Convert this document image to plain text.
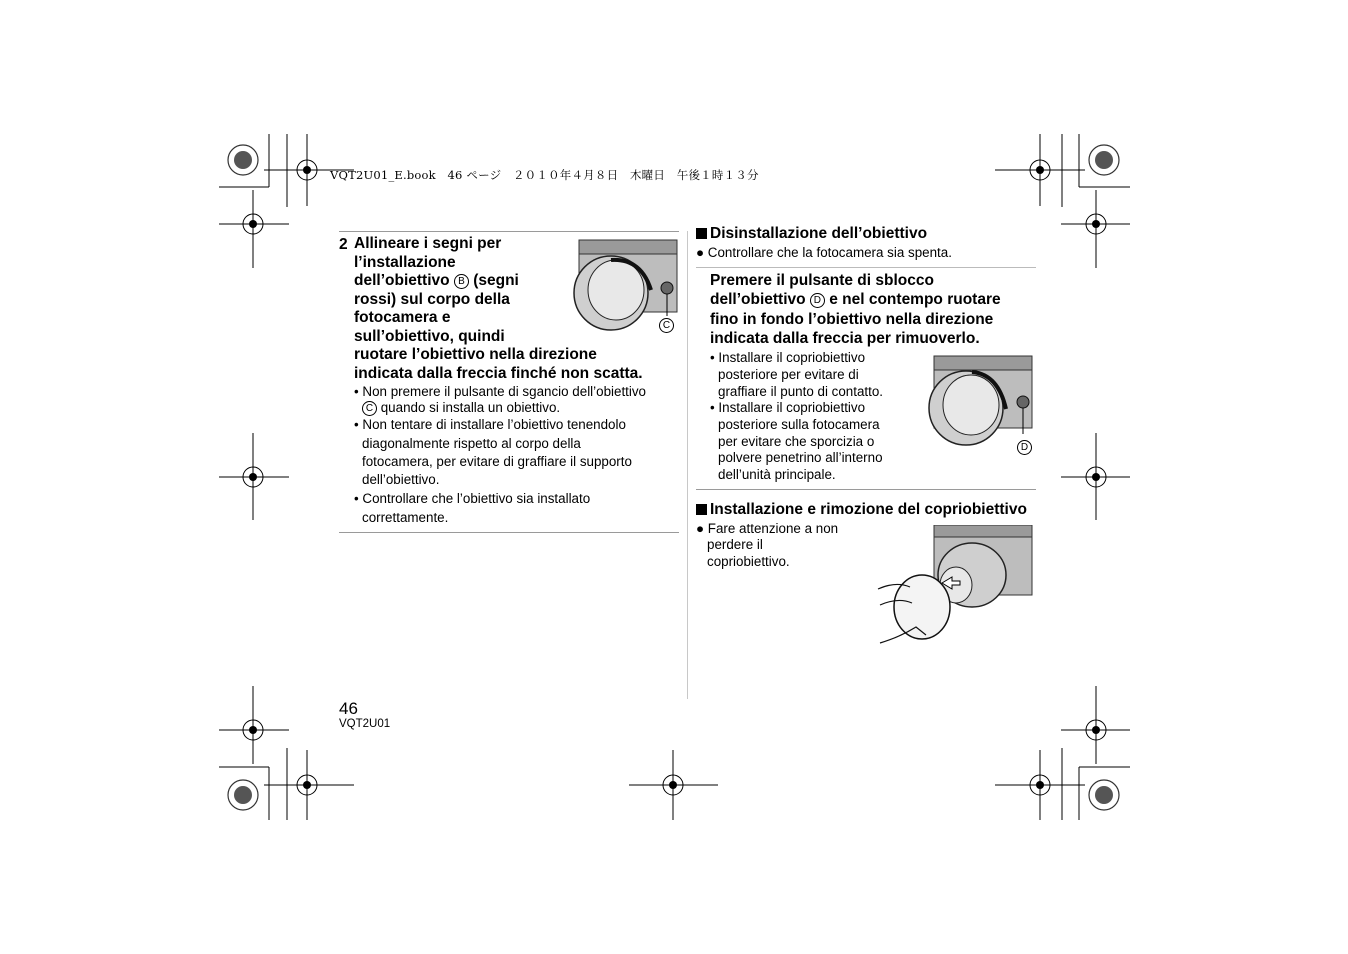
VQT2U01_E.book　46 ページ　２０１０年４月８日　木曜日　午後１時１３分
2 Allineare i segni per
l’installazione
dell’obiettivo B (segni
rossi) sul corpo della
fotocamera e
sull’obiettivo, quindi
ruotare l’obiettivo nella direzione
indicata dalla freccia finché non scatta.
C
• Non premere il pulsante di sgancio dell’obiettivo
C quando si installa un obiettivo.
• Non tentare di installare l’obiettivo tenendolo
diagonalmente rispetto al corpo della
fotocamera, per evitare di graffiare il supporto
dell’obiettivo.
• Controllare che l’obiettivo sia installato
correttamente.
Disinstallazione dell’obiettivo
● Controllare che la fotocamera sia spenta.
Premere il pulsante di sblocco
dell’obiettivo D e nel contempo ruotare
fino in fondo l’obiettivo nella direzione
indicata dalla freccia per rimuoverlo.
• Installare il copriobiettivo
posteriore per evitare di
graffiare il punto di contatto.
• Installare il copriobiettivo
posteriore sulla fotocamera
per evitare che sporcizia o
polvere penetrino all’interno
dell’unità principale.
D
Installazione e rimozione del copriobiettivo
● Fare attenzione a non
perdere il
copriobiettivo.
46
VQT2U01
